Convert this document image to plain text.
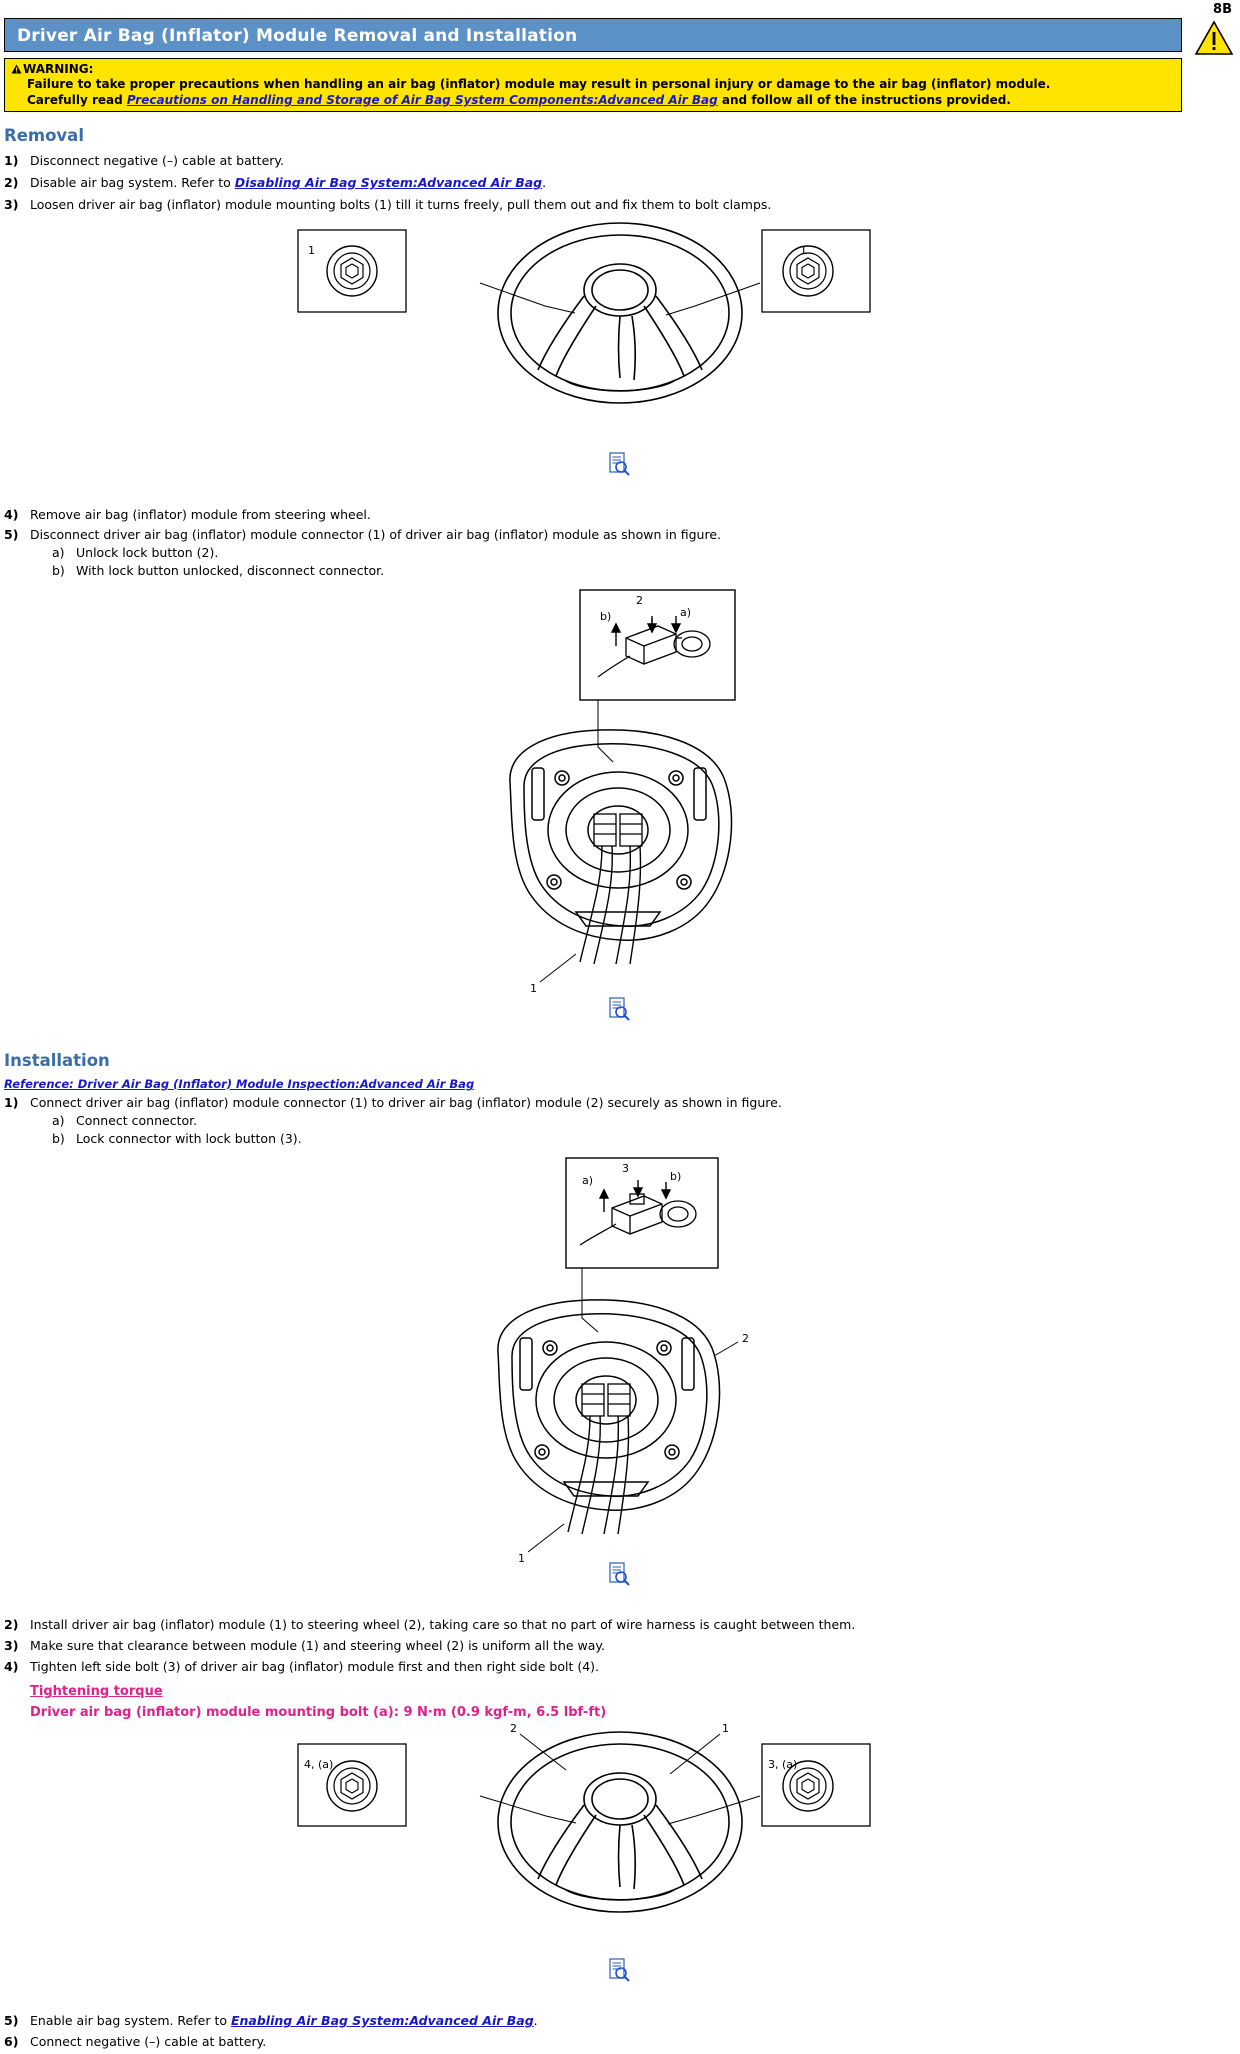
8B
Driver Air Bag (Inflator) Module Removal and Installation
WARNING:
Failure to take proper precautions when handling an air bag (inflator) module may result in personal injury or damage to the air bag (inflator) module.
Carefully read Precautions on Handling and Storage of Air Bag System Components:Advanced Air Bag and follow all of the instructions provided.
Removal
1) Disconnect negative (–) cable at battery.
2) Disable air bag system. Refer to Disabling Air Bag System:Advanced Air Bag.
3) Loosen driver air bag (inflator) module mounting bolts (1) till it turns freely, pull them out and fix them to bolt clamps.
1	1
4) Remove air bag (inflator) module from steering wheel.
5) Disconnect driver air bag (inflator) module connector (1) of driver air bag (inflator) module as shown in figure.
a) Unlock lock button (2).
b) With lock button unlocked, disconnect connector.
2
a)
b)
1
Installation
Reference: Driver Air Bag (Inflator) Module Inspection:Advanced Air Bag
1) Connect driver air bag (inflator) module connector (1) to driver air bag (inflator) module (2) securely as shown in figure.
a) Connect connector.
b) Lock connector with lock button (3).
3
b)
a)
1
2
2) Install driver air bag (inflator) module (1) to steering wheel (2), taking care so that no part of wire harness is caught between them.
3) Make sure that clearance between module (1) and steering wheel (2) is uniform all the way.
4) Tighten left side bolt (3) of driver air bag (inflator) module first and then right side bolt (4).
Tightening torque
Driver air bag (inflator) module mounting bolt (a): 9 N·m (0.9 kgf-m, 6.5 lbf-ft)
2	1
4, (a)	3, (a)
5) Enable air bag system. Refer to Enabling Air Bag System:Advanced Air Bag.
6) Connect negative (–) cable at battery.
